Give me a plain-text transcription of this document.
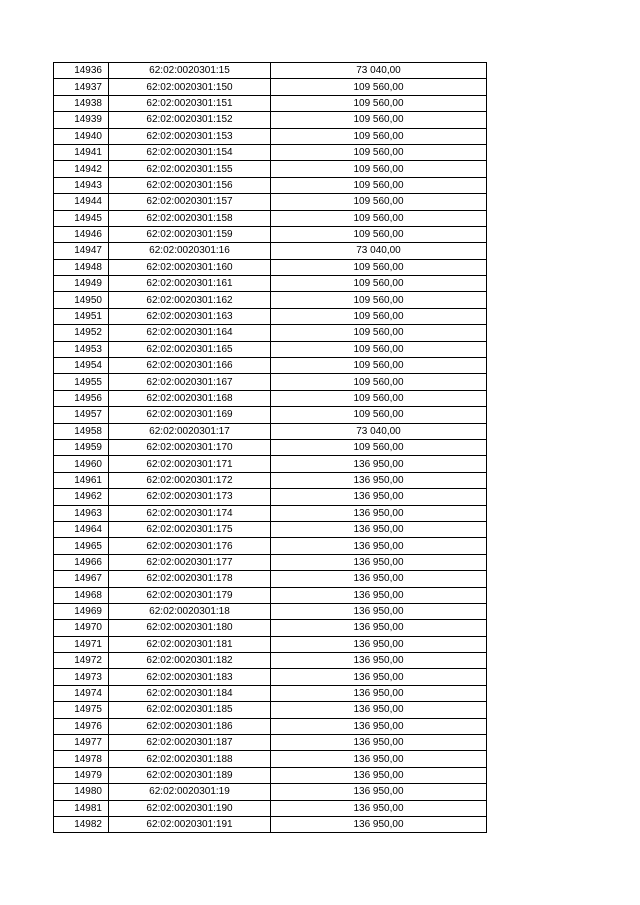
14936	62:02:0020301:15	73 040,00
14937	62:02:0020301:150	109 560,00
14938	62:02:0020301:151	109 560,00
14939	62:02:0020301:152	109 560,00
14940	62:02:0020301:153	109 560,00
14941	62:02:0020301:154	109 560,00
14942	62:02:0020301:155	109 560,00
14943	62:02:0020301:156	109 560,00
14944	62:02:0020301:157	109 560,00
14945	62:02:0020301:158	109 560,00
14946	62:02:0020301:159	109 560,00
14947	62:02:0020301:16	73 040,00
14948	62:02:0020301:160	109 560,00
14949	62:02:0020301:161	109 560,00
14950	62:02:0020301:162	109 560,00
14951	62:02:0020301:163	109 560,00
14952	62:02:0020301:164	109 560,00
14953	62:02:0020301:165	109 560,00
14954	62:02:0020301:166	109 560,00
14955	62:02:0020301:167	109 560,00
14956	62:02:0020301:168	109 560,00
14957	62:02:0020301:169	109 560,00
14958	62:02:0020301:17	73 040,00
14959	62:02:0020301:170	109 560,00
14960	62:02:0020301:171	136 950,00
14961	62:02:0020301:172	136 950,00
14962	62:02:0020301:173	136 950,00
14963	62:02:0020301:174	136 950,00
14964	62:02:0020301:175	136 950,00
14965	62:02:0020301:176	136 950,00
14966	62:02:0020301:177	136 950,00
14967	62:02:0020301:178	136 950,00
14968	62:02:0020301:179	136 950,00
14969	62:02:0020301:18	136 950,00
14970	62:02:0020301:180	136 950,00
14971	62:02:0020301:181	136 950,00
14972	62:02:0020301:182	136 950,00
14973	62:02:0020301:183	136 950,00
14974	62:02:0020301:184	136 950,00
14975	62:02:0020301:185	136 950,00
14976	62:02:0020301:186	136 950,00
14977	62:02:0020301:187	136 950,00
14978	62:02:0020301:188	136 950,00
14979	62:02:0020301:189	136 950,00
14980	62:02:0020301:19	136 950,00
14981	62:02:0020301:190	136 950,00
14982	62:02:0020301:191	136 950,00
